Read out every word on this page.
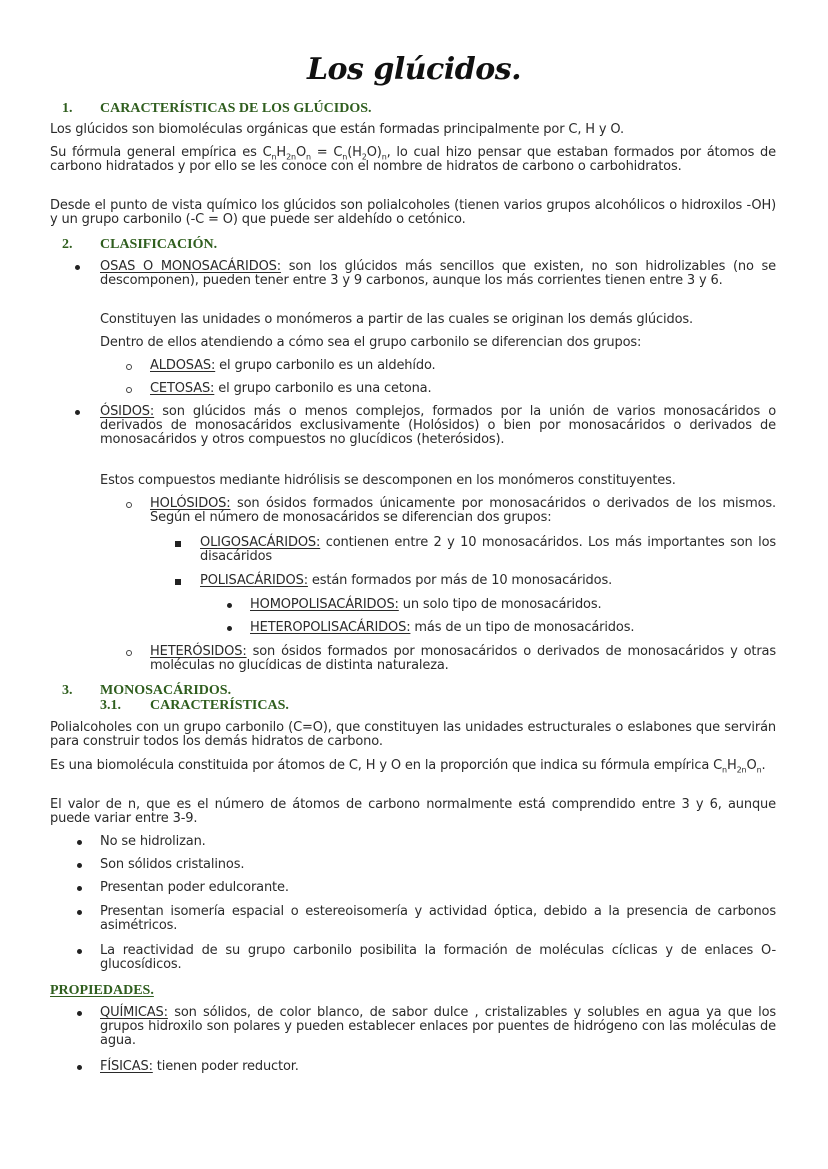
Los glúcidos.
1. CARACTERÍSTICAS DE LOS GLÚCIDOS.
Los glúcidos son biomoléculas orgánicas que están formadas principalmente por C, H y O.
Su fórmula general empírica es $C_nH_{2n}O_n = C_n(H_2O)_n$, lo cual hizo pensar que estaban formados por átomos de carbono hidratados y por ello se les conoce con el nombre de hidratos de carbono o carbohidratos.
Desde el punto de vista químico los glúcidos son polialcoholes (tienen varios grupos alcohólicos o hidroxilos -OH) y un grupo carbonilo (-C = O) que puede ser aldehído o cetónico.
2. CLASIFICACIÓN.
OSAS O MONOSACÁRIDOS: son los glúcidos más sencillos que existen, no son hidrolizables (no se descomponen), pueden tener entre 3 y 9 carbonos, aunque los más corrientes tienen entre 3 y 6.
Constituyen las unidades o monómeros a partir de las cuales se originan los demás glúcidos.
Dentro de ellos atendiendo a cómo sea el grupo carbonilo se diferencian dos grupos:
ALDOSAS: el grupo carbonilo es un aldehído.
CETOSAS: el grupo carbonilo es una cetona.
ÓSIDOS: son glúcidos más o menos complejos, formados por la unión de varios monosacáridos o derivados de monosacáridos exclusivamente (Holósidos) o bien por monosacáridos o derivados de monosacáridos y otros compuestos no glucídicos (heterósidos).
Estos compuestos mediante hidrólisis se descomponen en los monómeros constituyentes.
HOLÓSIDOS: son ósidos formados únicamente por monosacáridos o derivados de los mismos. Según el número de monosacáridos se diferencian dos grupos:
OLIGOSACÁRIDOS: contienen entre 2 y 10 monosacáridos. Los más importantes son los disacáridos
POLISACÁRIDOS: están formados por más de 10 monosacáridos.
HOMOPOLISACÁRIDOS: un solo tipo de monosacáridos.
HETEROPOLISACÁRIDOS: más de un tipo de monosacáridos.
HETERÓSIDOS: son ósidos formados por monosacáridos o derivados de monosacáridos y otras moléculas no glucídicas de distinta naturaleza.
3. MONOSACÁRIDOS.
3.1. CARACTERÍSTICAS.
Polialcoholes con un grupo carbonilo (C=O), que constituyen las unidades estructurales o eslabones que servirán para construir todos los demás hidratos de carbono.
Es una biomolécula constituida por átomos de C, H y O en la proporción que indica su fórmula empírica $C_nH_{2n}O_n$.
El valor de n, que es el número de átomos de carbono normalmente está comprendido entre 3 y 6, aunque puede variar entre 3-9.
No se hidrolizan.
Son sólidos cristalinos.
Presentan poder edulcorante.
Presentan isomería espacial o estereoisomería y actividad óptica, debido a la presencia de carbonos asimétricos.
La reactividad de su grupo carbonilo posibilita la formación de moléculas cíclicas y de enlaces O-glucosídicos.
PROPIEDADES.
QUÍMICAS: son sólidos, de color blanco, de sabor dulce , cristalizables y solubles en agua ya que los grupos hidroxilo son polares y pueden establecer enlaces por puentes de hidrógeno con las moléculas de agua.
FÍSICAS: tienen poder reductor.
